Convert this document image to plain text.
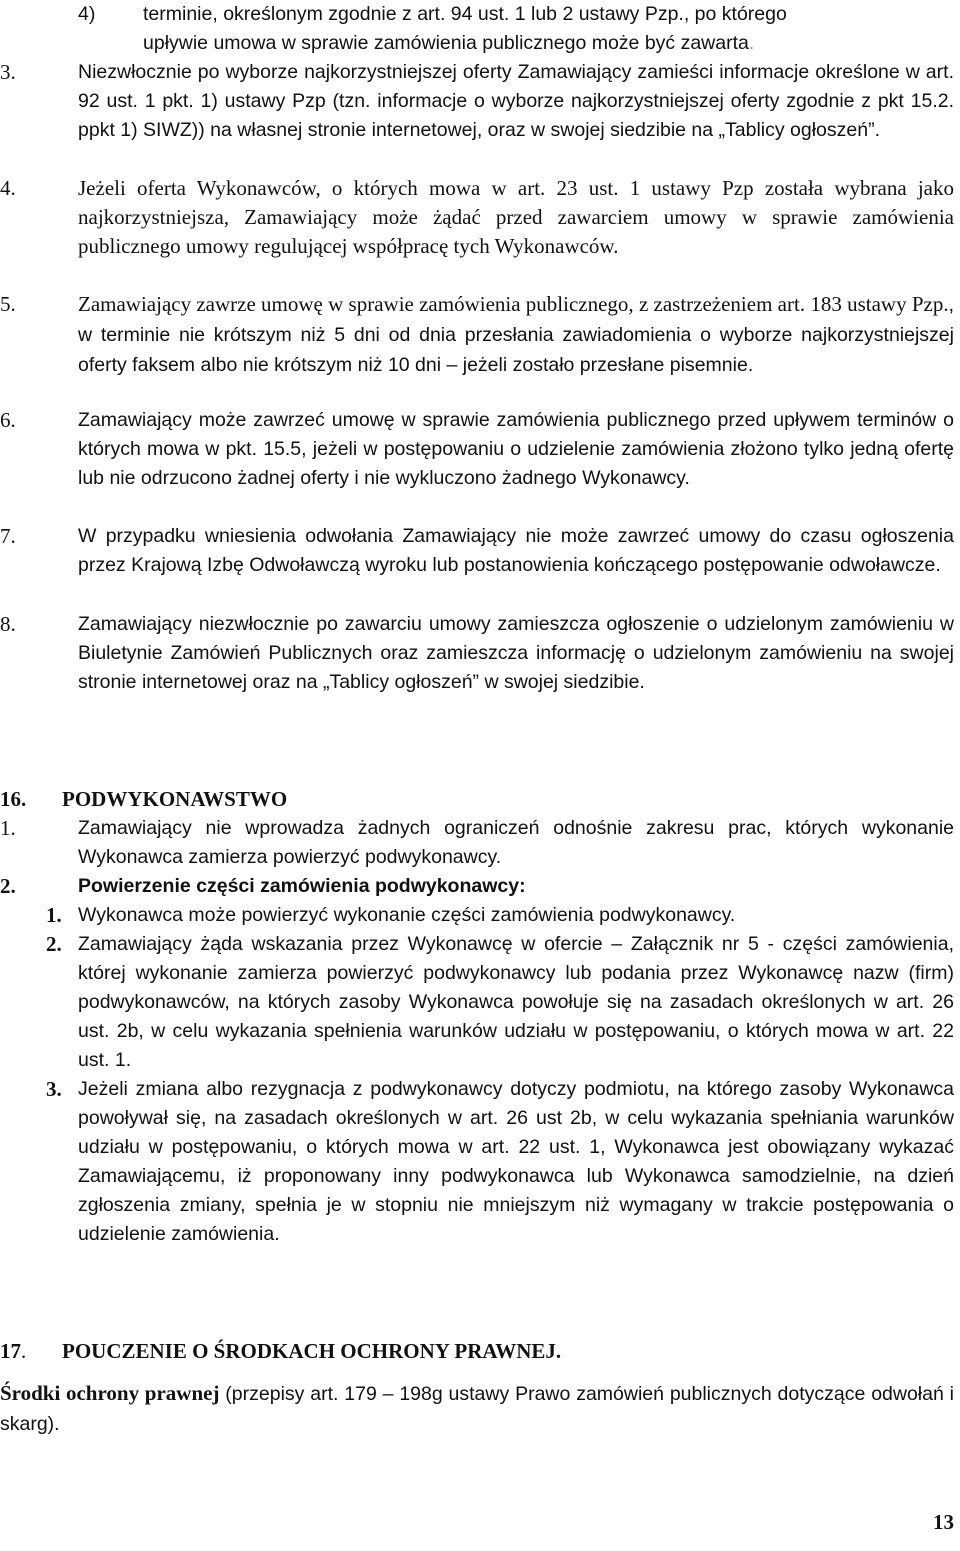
4) terminie, określonym zgodnie z art. 94 ust. 1 lub 2 ustawy Pzp., po którego
upływie umowa w sprawie zamówienia publicznego może być zawarta.
3.	Niezwłocznie po wyborze najkorzystniejszej oferty Zamawiający zamieści informacje określone w art. 92 ust. 1 pkt. 1) ustawy Pzp (tzn. informacje o wyborze najkorzystniejszej oferty zgodnie z pkt 15.2. ppkt 1) SIWZ)) na własnej stronie internetowej, oraz w swojej siedzibie na „Tablicy ogłoszeń”.
4.	Jeżeli oferta Wykonawców, o których mowa w art. 23 ust. 1 ustawy Pzp została wybrana jako najkorzystniejsza, Zamawiający może żądać przed zawarciem umowy w sprawie zamówienia publicznego umowy regulującej współpracę tych Wykonawców.
5.	Zamawiający zawrze umowę w sprawie zamówienia publicznego, z zastrzeżeniem art. 183 ustawy Pzp., w terminie nie krótszym niż 5 dni od dnia przesłania zawiadomienia o wyborze najkorzystniejszej oferty faksem albo nie krótszym niż 10 dni – jeżeli zostało przesłane pisemnie.
6.	Zamawiający może zawrzeć umowę w sprawie zamówienia publicznego przed upływem terminów o których mowa w pkt. 15.5, jeżeli w postępowaniu o udzielenie zamówienia złożono tylko jedną ofertę lub nie odrzucono żadnej oferty i nie wykluczono żadnego Wykonawcy.
7.	W przypadku wniesienia odwołania Zamawiający nie może zawrzeć umowy do czasu ogłoszenia przez Krajową Izbę Odwoławczą wyroku lub postanowienia kończącego postępowanie odwoławcze.
8.	Zamawiający niezwłocznie po zawarciu umowy zamieszcza ogłoszenie o udzielonym zamówieniu w Biuletynie Zamówień Publicznych oraz zamieszcza informację o udzielonym zamówieniu na swojej stronie internetowej oraz na „Tablicy ogłoszeń” w swojej siedzibie.
16. PODWYKONAWSTWO
1.	Zamawiający nie wprowadza żadnych ograniczeń odnośnie zakresu prac, których wykonanie Wykonawca zamierza powierzyć podwykonawcy.
2.	Powierzenie części zamówienia podwykonawcy:
1. Wykonawca może powierzyć wykonanie części zamówienia podwykonawcy.
2. Zamawiający żąda wskazania przez Wykonawcę w ofercie – Załącznik nr 5 - części zamówienia, której wykonanie zamierza powierzyć podwykonawcy lub podania przez Wykonawcę nazw (firm) podwykonawców, na których zasoby Wykonawca powołuje się na zasadach określonych w art. 26 ust. 2b, w celu wykazania spełnienia warunków udziału w postępowaniu, o których mowa w art. 22 ust. 1.
3. Jeżeli zmiana albo rezygnacja z podwykonawcy dotyczy podmiotu, na którego zasoby Wykonawca powoływał się, na zasadach określonych w art. 26 ust 2b, w celu wykazania spełniania warunków udziału w postępowaniu, o których mowa w art. 22 ust. 1, Wykonawca jest obowiązany wykazać Zamawiającemu, iż proponowany inny podwykonawca lub Wykonawca samodzielnie, na dzień zgłoszenia zmiany, spełnia je w stopniu nie mniejszym niż wymagany w trakcie postępowania o udzielenie zamówienia.
17. POUCZENIE O ŚRODKACH OCHRONY PRAWNEJ.
Środki ochrony prawnej (przepisy art. 179 – 198g ustawy Prawo zamówień publicznych dotyczące odwołań i skarg).
13
